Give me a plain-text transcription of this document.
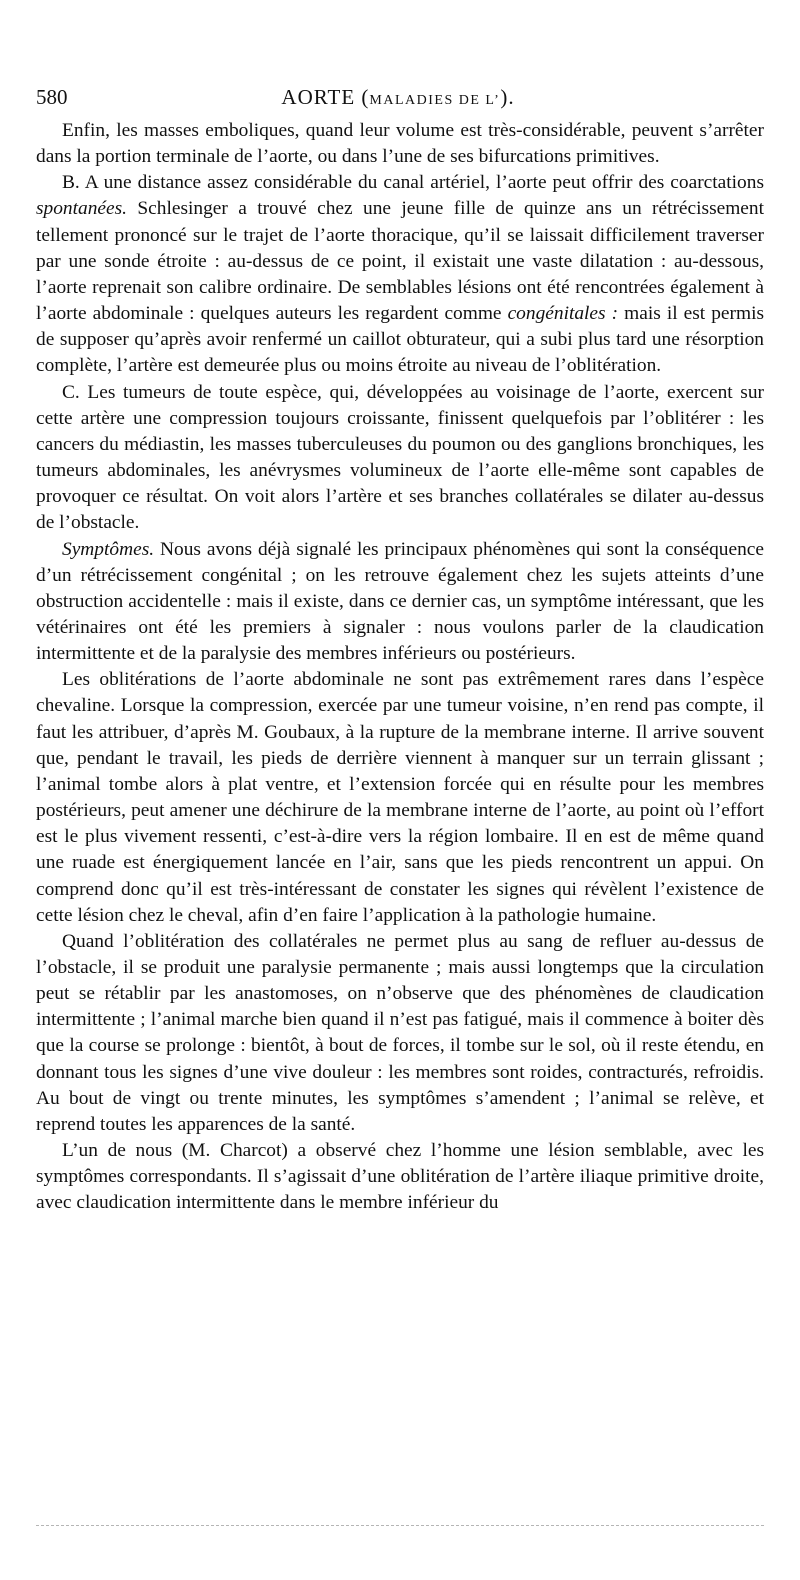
580	AORTE (MALADIES DE L’).

Enfin, les masses emboliques, quand leur volume est très-considérable, peuvent s’arrêter dans la portion terminale de l’aorte, ou dans l’une de ses bifurcations primitives.

B. A une distance assez considérable du canal artériel, l’aorte peut offrir des coarctations spontanées. Schlesinger a trouvé chez une jeune fille de quinze ans un rétrécissement tellement prononcé sur le trajet de l’aorte thoracique, qu’il se laissait difficilement traverser par une sonde étroite : au-dessus de ce point, il existait une vaste dilatation : au-dessous, l’aorte reprenait son calibre ordinaire. De semblables lésions ont été rencontrées également à l’aorte abdominale : quelques auteurs les regardent comme congénitales : mais il est permis de supposer qu’après avoir renfermé un caillot obturateur, qui a subi plus tard une résorption complète, l’artère est demeurée plus ou moins étroite au niveau de l’oblitération.

C. Les tumeurs de toute espèce, qui, développées au voisinage de l’aorte, exercent sur cette artère une compression toujours croissante, finissent quelquefois par l’oblitérer : les cancers du médiastin, les masses tuberculeuses du poumon ou des ganglions bronchiques, les tumeurs abdominales, les anévrysmes volumineux de l’aorte elle-même sont capables de provoquer ce résultat. On voit alors l’artère et ses branches collatérales se dilater au-dessus de l’obstacle.

Symptômes. Nous avons déjà signalé les principaux phénomènes qui sont la conséquence d’un rétrécissement congénital ; on les retrouve également chez les sujets atteints d’une obstruction accidentelle : mais il existe, dans ce dernier cas, un symptôme intéressant, que les vétérinaires ont été les premiers à signaler : nous voulons parler de la claudication intermittente et de la paralysie des membres inférieurs ou postérieurs.

Les oblitérations de l’aorte abdominale ne sont pas extrêmement rares dans l’espèce chevaline. Lorsque la compression, exercée par une tumeur voisine, n’en rend pas compte, il faut les attribuer, d’après M. Goubaux, à la rupture de la membrane interne. Il arrive souvent que, pendant le travail, les pieds de derrière viennent à manquer sur un terrain glissant ; l’animal tombe alors à plat ventre, et l’extension forcée qui en résulte pour les membres postérieurs, peut amener une déchirure de la membrane interne de l’aorte, au point où l’effort est le plus vivement ressenti, c’est-à-dire vers la région lombaire. Il en est de même quand une ruade est énergiquement lancée en l’air, sans que les pieds rencontrent un appui. On comprend donc qu’il est très-intéressant de constater les signes qui révèlent l’existence de cette lésion chez le cheval, afin d’en faire l’application à la pathologie humaine.

Quand l’oblitération des collatérales ne permet plus au sang de refluer au-dessus de l’obstacle, il se produit une paralysie permanente ; mais aussi longtemps que la circulation peut se rétablir par les anastomoses, on n’observe que des phénomènes de claudication intermittente ; l’animal marche bien quand il n’est pas fatigué, mais il commence à boiter dès que la course se prolonge : bientôt, à bout de forces, il tombe sur le sol, où il reste étendu, en donnant tous les signes d’une vive douleur : les membres sont roides, contracturés, refroidis. Au bout de vingt ou trente minutes, les symptômes s’amendent ; l’animal se relève, et reprend toutes les apparences de la santé.

L’un de nous (M. Charcot) a observé chez l’homme une lésion semblable, avec les symptômes correspondants. Il s’agissait d’une oblitération de l’artère iliaque primitive droite, avec claudication intermittente dans le membre inférieur du
